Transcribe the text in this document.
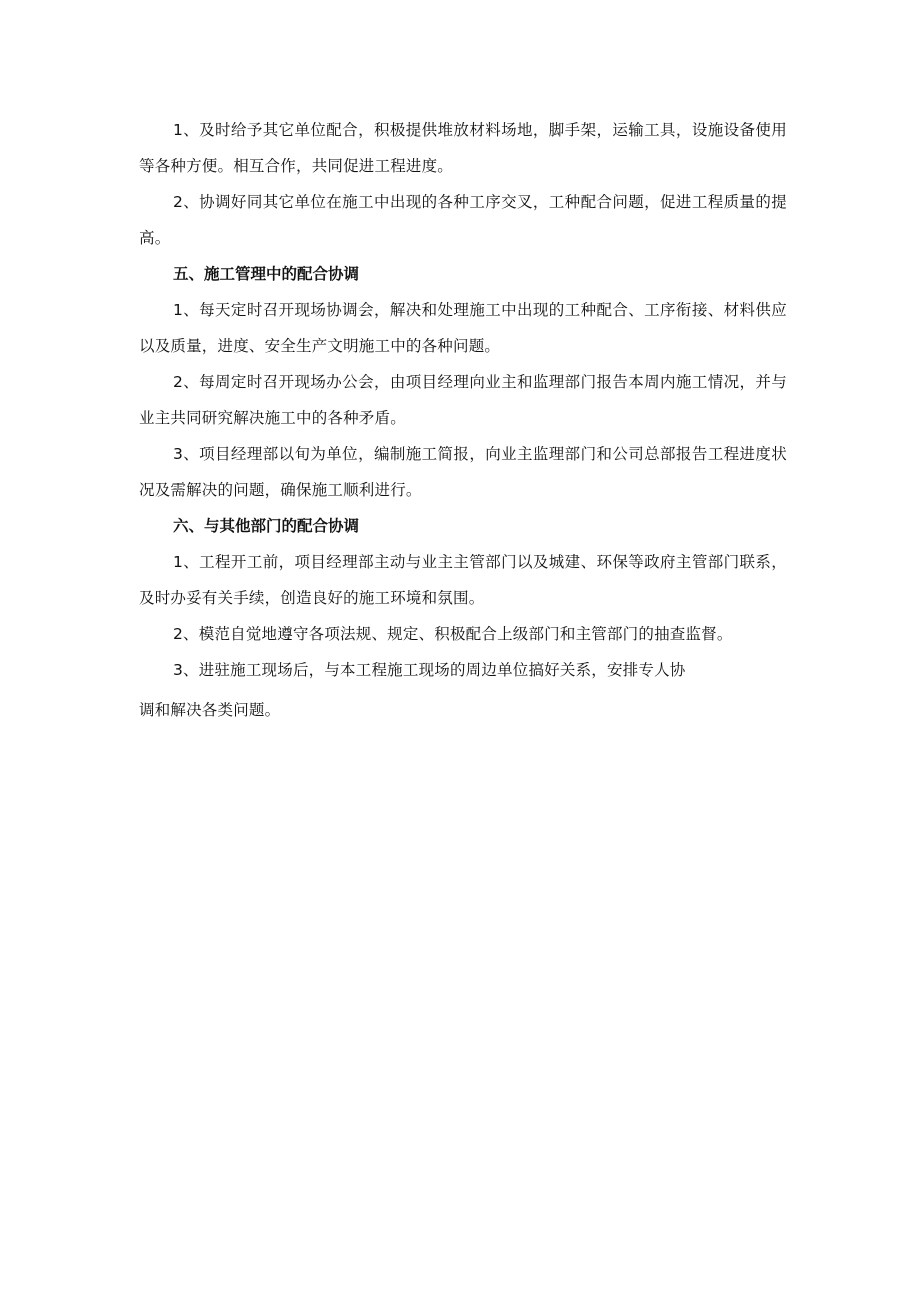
1、及时给予其它单位配合，积极提供堆放材料场地，脚手架，运输工具，设施设备使用等各种方便。相互合作，共同促进工程进度。

2、协调好同其它单位在施工中出现的各种工序交叉，工种配合问题，促进工程质量的提高。

五、施工管理中的配合协调

1、每天定时召开现场协调会，解决和处理施工中出现的工种配合、工序衔接、材料供应以及质量，进度、安全生产文明施工中的各种问题。

2、每周定时召开现场办公会，由项目经理向业主和监理部门报告本周内施工情况，并与业主共同研究解决施工中的各种矛盾。

3、项目经理部以旬为单位，编制施工简报，向业主监理部门和公司总部报告工程进度状况及需解决的问题，确保施工顺利进行。

六、与其他部门的配合协调

1、工程开工前，项目经理部主动与业主主管部门以及城建、环保等政府主管部门联系，及时办妥有关手续，创造良好的施工环境和氛围。

2、模范自觉地遵守各项法规、规定、积极配合上级部门和主管部门的抽查监督。

3、进驻施工现场后，与本工程施工现场的周边单位搞好关系，安排专人协

调和解决各类问题。
